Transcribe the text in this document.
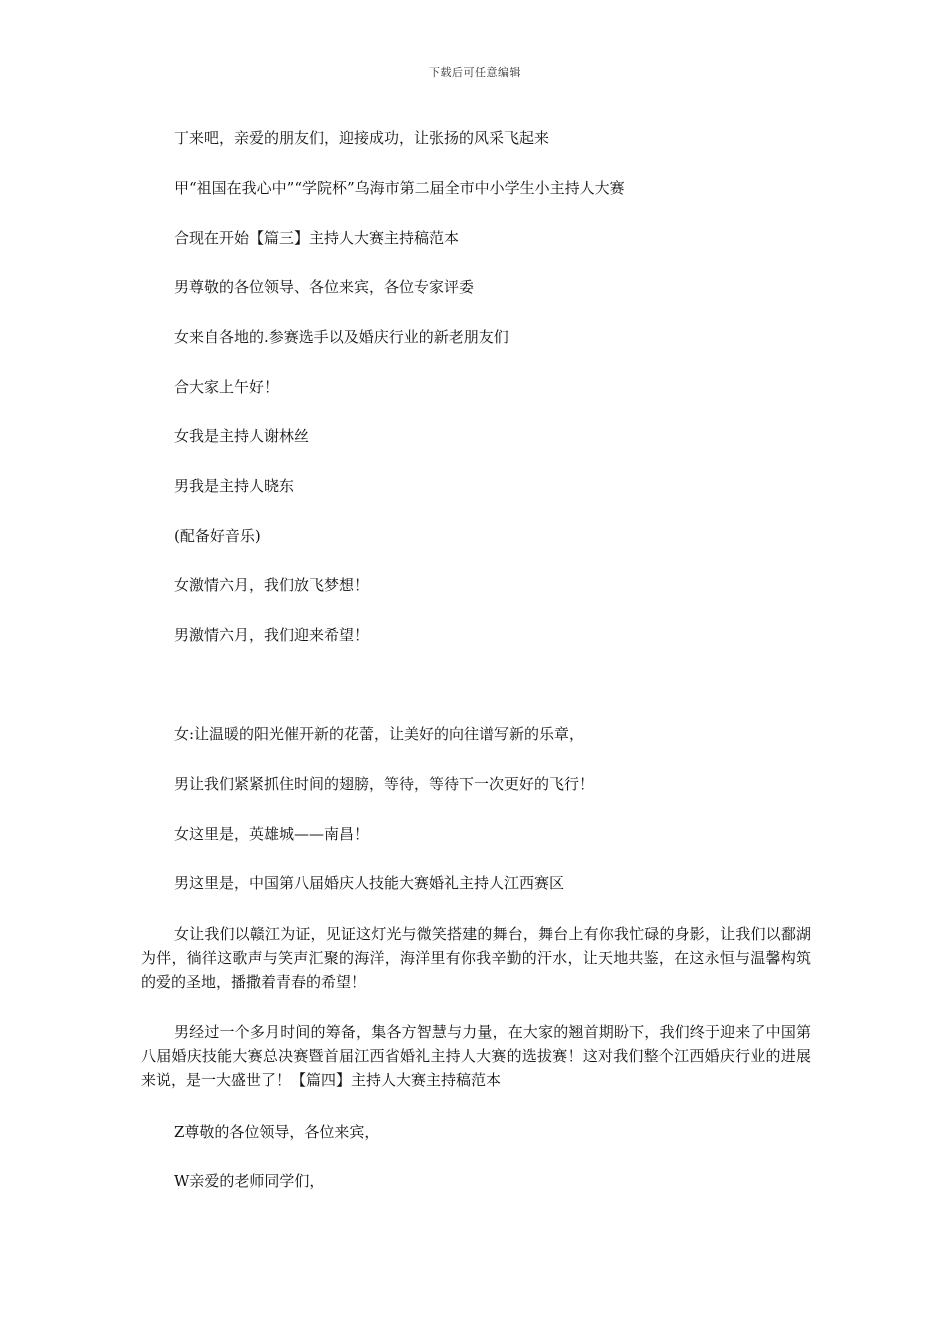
下载后可任意编辑
丁来吧，亲爱的朋友们，迎接成功，让张扬的风采飞起来
甲“祖国在我心中”“学院杯”乌海市第二届全市中小学生小主持人大赛
合现在开始【篇三】主持人大赛主持稿范本
男尊敬的各位领导、各位来宾，各位专家评委
女来自各地的.参赛选手以及婚庆行业的新老朋友们
合大家上午好！
女我是主持人谢林丝
男我是主持人晓东
(配备好音乐)
女激情六月，我们放飞梦想！
男激情六月，我们迎来希望！
女:让温暖的阳光催开新的花蕾，让美好的向往谱写新的乐章，
男让我们紧紧抓住时间的翅膀，等待，等待下一次更好的飞行！
女这里是，英雄城——南昌！
男这里是，中国第八届婚庆人技能大赛婚礼主持人江西赛区
女让我们以赣江为证，见证这灯光与微笑搭建的舞台，舞台上有你我忙碌的身影，让我们以鄱湖为伴，徜徉这歌声与笑声汇聚的海洋，海洋里有你我辛勤的汗水，让天地共鉴，在这永恒与温馨构筑的爱的圣地，播撒着青春的希望！
男经过一个多月时间的筹备，集各方智慧与力量，在大家的翘首期盼下，我们终于迎来了中国第八届婚庆技能大赛总决赛暨首届江西省婚礼主持人大赛的选拔赛！这对我们整个江西婚庆行业的进展来说，是一大盛世了！【篇四】主持人大赛主持稿范本
Z尊敬的各位领导，各位来宾，
W亲爱的老师同学们，
